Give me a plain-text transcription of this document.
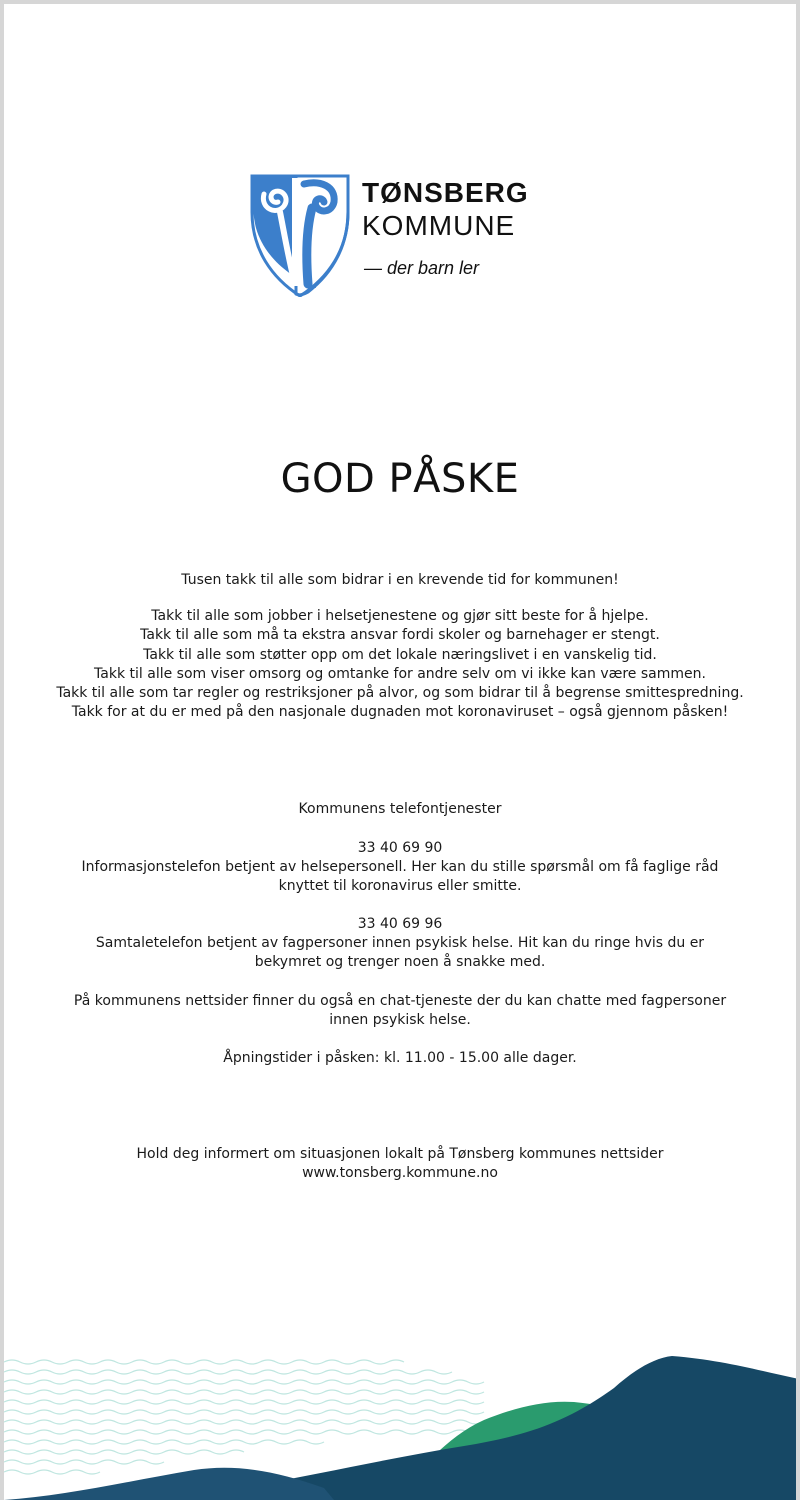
TØNSBERG
KOMMUNE
— der barn ler
GOD PÅSKE
Tusen takk til alle som bidrar i en krevende tid for kommunen!
Takk til alle som jobber i helsetjenestene og gjør sitt beste for å hjelpe.
Takk til alle som må ta ekstra ansvar fordi skoler og barnehager er stengt.
Takk til alle som støtter opp om det lokale næringslivet i en vanskelig tid.
Takk til alle som viser omsorg og omtanke for andre selv om vi ikke kan være sammen.
Takk til alle som tar regler og restriksjoner på alvor, og som bidrar til å begrense smittespredning.
Takk for at du er med på den nasjonale dugnaden mot koronaviruset – også gjennom påsken!
Kommunens telefontjenester
33 40 69 90
Informasjonstelefon betjent av helsepersonell. Her kan du stille spørsmål om få faglige råd
knyttet til koronavirus eller smitte.
33 40 69 96
Samtaletelefon betjent av fagpersoner innen psykisk helse. Hit kan du ringe hvis du er
bekymret og trenger noen å snakke med.
På kommunens nettsider finner du også en chat-tjeneste der du kan chatte med fagpersoner
innen psykisk helse.
Åpningstider i påsken: kl. 11.00 - 15.00 alle dager.
Hold deg informert om situasjonen lokalt på Tønsberg kommunes nettsider
www.tonsberg.kommune.no
